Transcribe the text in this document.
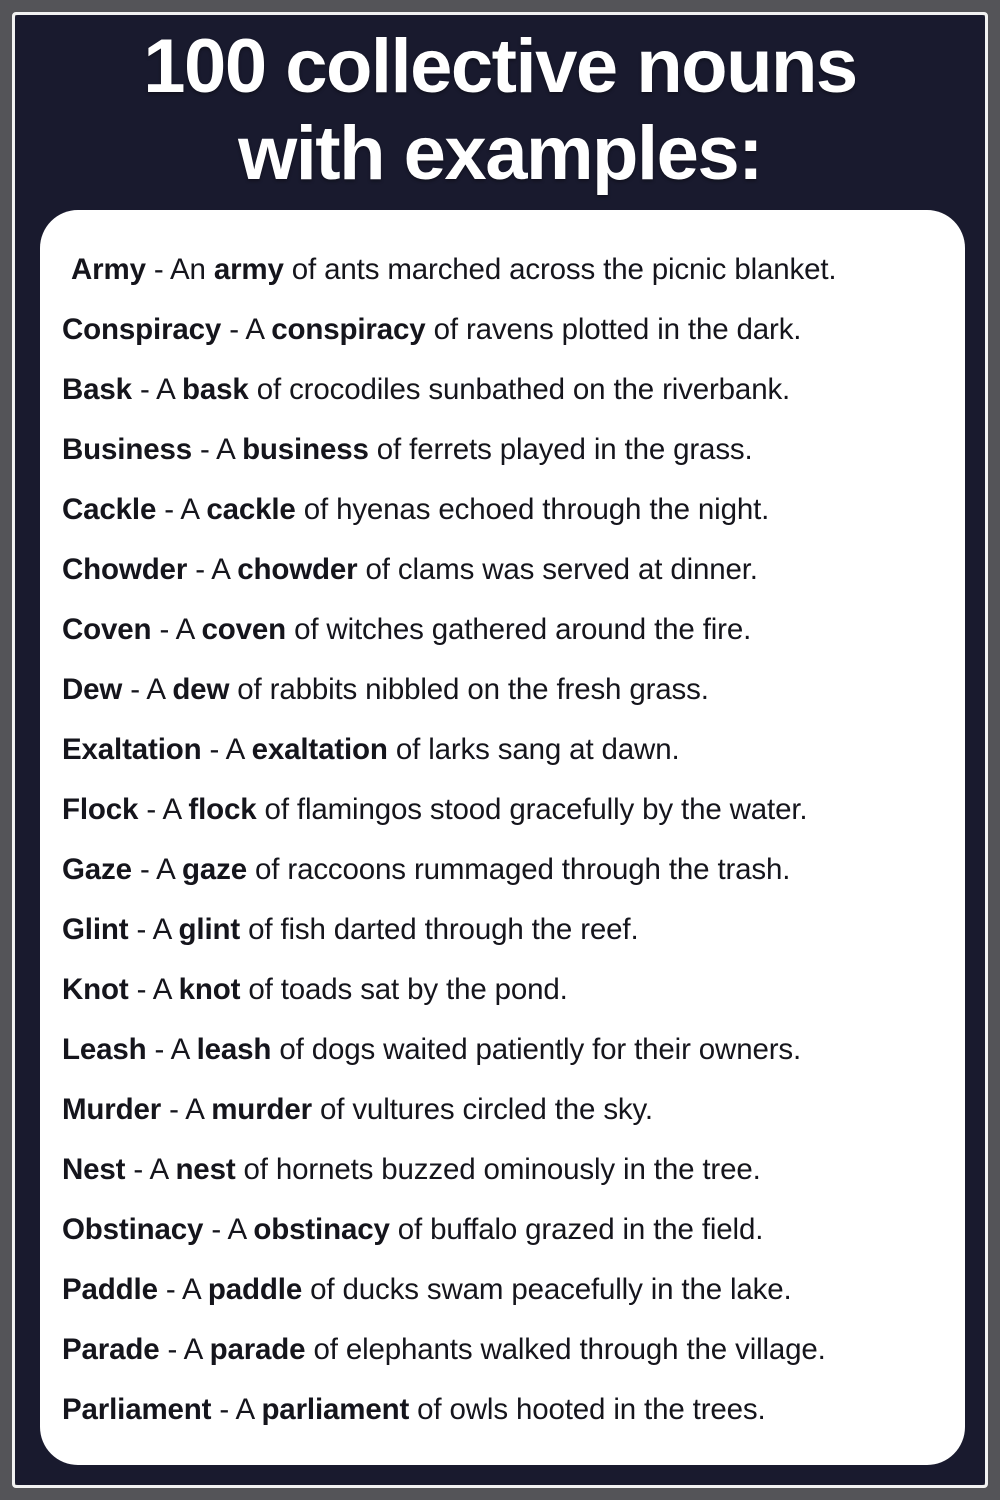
100 collective nouns
with examples:
Army - An army of ants marched across the picnic blanket.
Conspiracy - A conspiracy of ravens plotted in the dark.
Bask - A bask of crocodiles sunbathed on the riverbank.
Business - A business of ferrets played in the grass.
Cackle - A cackle of hyenas echoed through the night.
Chowder - A chowder of clams was served at dinner.
Coven - A coven of witches gathered around the fire.
Dew - A dew of rabbits nibbled on the fresh grass.
Exaltation - A exaltation of larks sang at dawn.
Flock - A flock of flamingos stood gracefully by the water.
Gaze - A gaze of raccoons rummaged through the trash.
Glint - A glint of fish darted through the reef.
Knot - A knot of toads sat by the pond.
Leash - A leash of dogs waited patiently for their owners.
Murder - A murder of vultures circled the sky.
Nest - A nest of hornets buzzed ominously in the tree.
Obstinacy - A obstinacy of buffalo grazed in the field.
Paddle - A paddle of ducks swam peacefully in the lake.
Parade - A parade of elephants walked through the village.
Parliament - A parliament of owls hooted in the trees.
